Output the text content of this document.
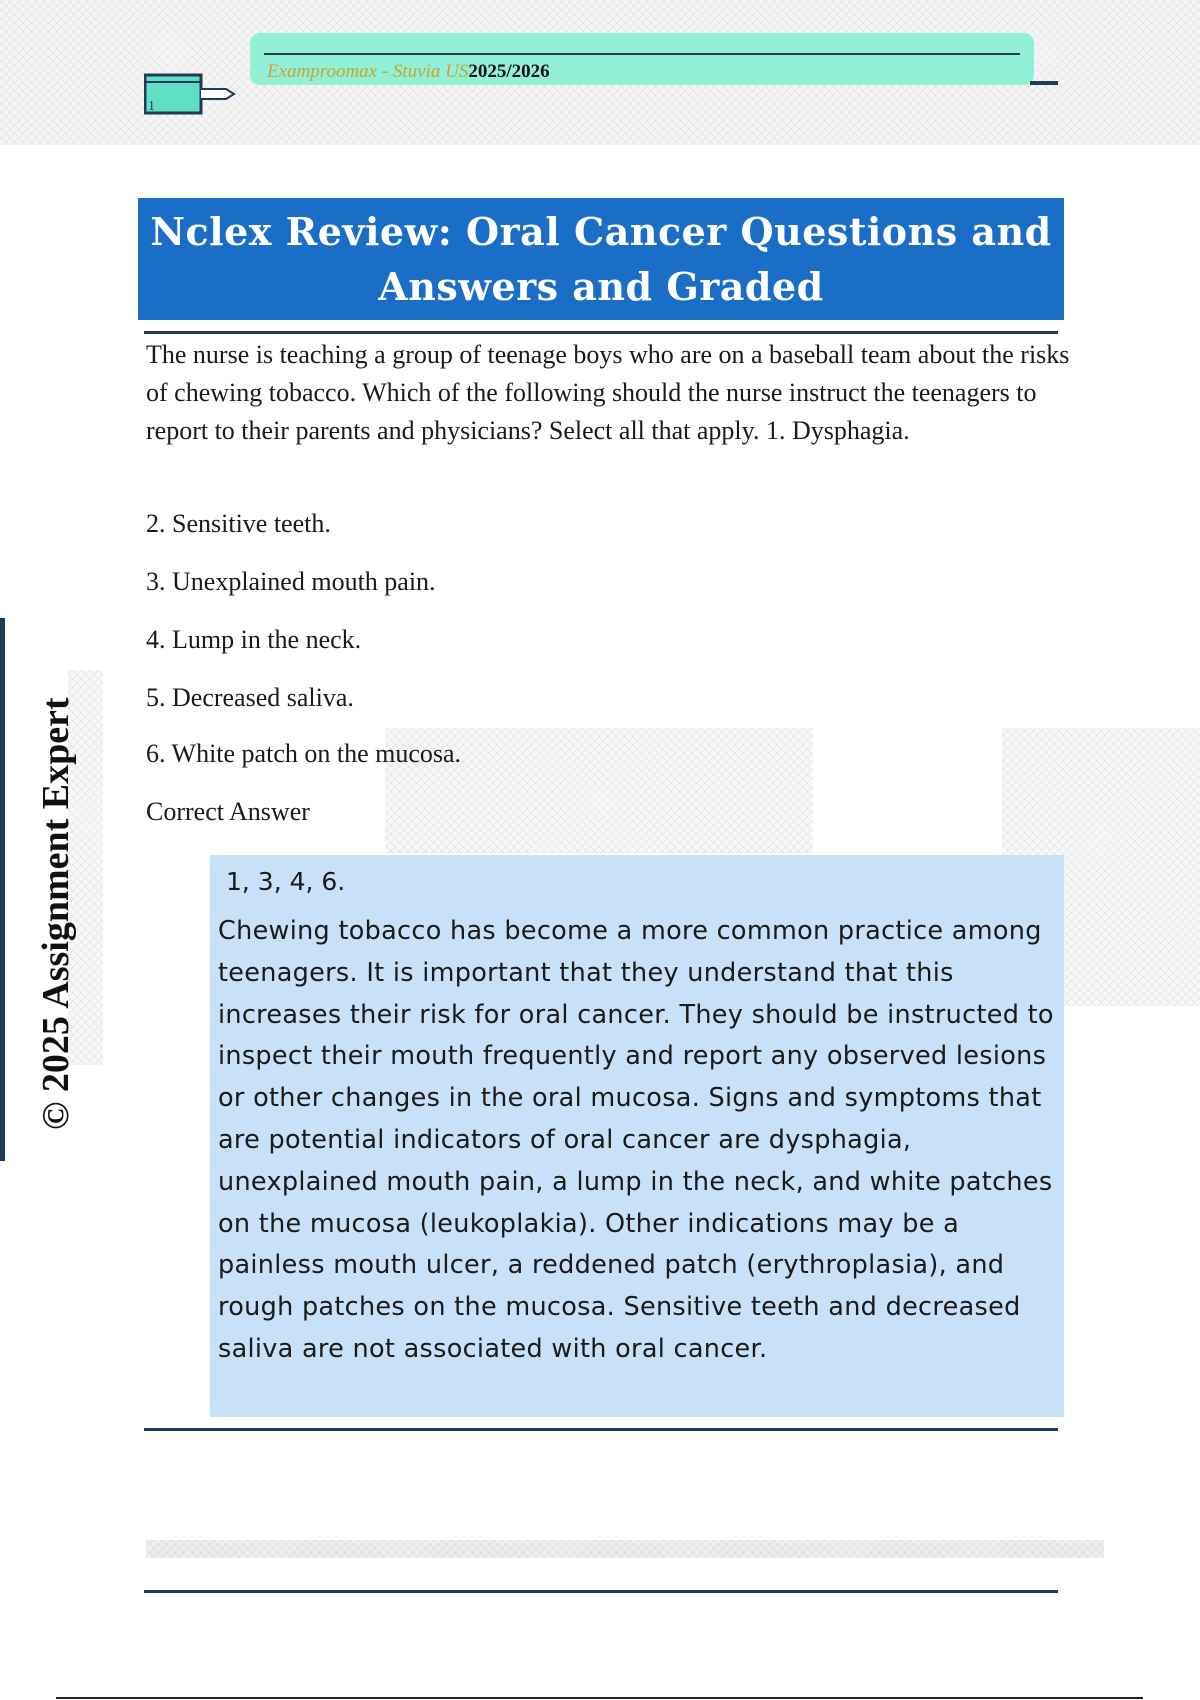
1
Examproomax - Stuvia US2025/2026
Nclex Review: Oral Cancer Questions and
Answers and Graded
The nurse is teaching a group of teenage boys who are on a baseball team about the risks of chewing tobacco. Which of the following should the nurse instruct the teenagers to report to their parents and physicians? Select all that apply. 1. Dysphagia.
2. Sensitive teeth.
3. Unexplained mouth pain.
4. Lump in the neck.
5. Decreased saliva.
6. White patch on the mucosa.
Correct Answer
1, 3, 4, 6.
Chewing tobacco has become a more common practice among teenagers. It is important that they understand that this increases their risk for oral cancer. They should be instructed to inspect their mouth frequently and report any observed lesions or other changes in the oral mucosa. Signs and symptoms that are potential indicators of oral cancer are dysphagia, unexplained mouth pain, a lump in the neck, and white patches on the mucosa (leukoplakia). Other indications may be a painless mouth ulcer, a reddened patch (erythroplasia), and rough patches on the mucosa. Sensitive teeth and decreased saliva are not associated with oral cancer.
© 2025 Assignment Expert
